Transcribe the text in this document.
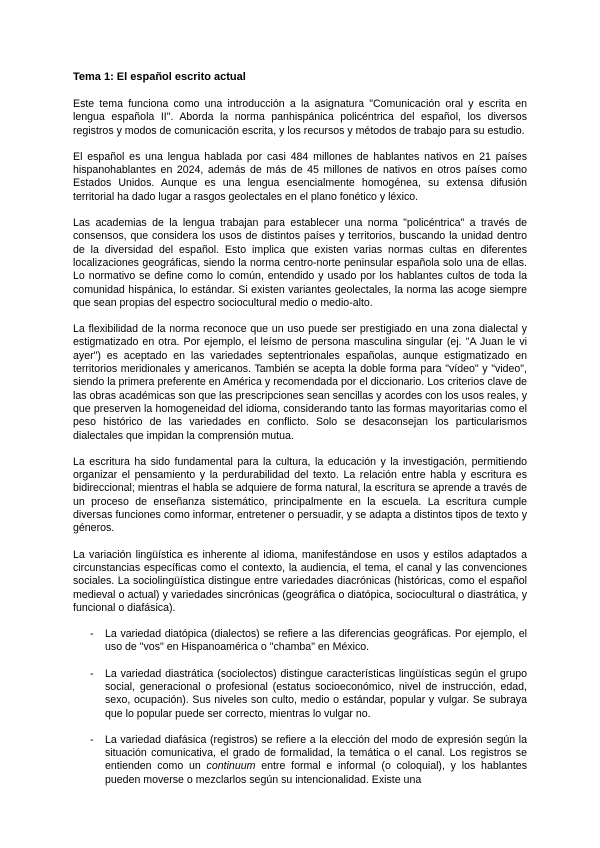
Tema 1: El español escrito actual

Este tema funciona como una introducción a la asignatura "Comunicación oral y escrita en lengua española II". Aborda la norma panhispánica policéntrica del español, los diversos registros y modos de comunicación escrita, y los recursos y métodos de trabajo para su estudio.

El español es una lengua hablada por casi 484 millones de hablantes nativos en 21 países hispanohablantes en 2024, además de más de 45 millones de nativos en otros países como Estados Unidos. Aunque es una lengua esencialmente homogénea, su extensa difusión territorial ha dado lugar a rasgos geolectales en el plano fonético y léxico.

Las academias de la lengua trabajan para establecer una norma "policéntrica" a través de consensos, que considera los usos de distintos países y territorios, buscando la unidad dentro de la diversidad del español. Esto implica que existen varias normas cultas en diferentes localizaciones geográficas, siendo la norma centro-norte peninsular española solo una de ellas. Lo normativo se define como lo común, entendido y usado por los hablantes cultos de toda la comunidad hispánica, lo estándar. Si existen variantes geolectales, la norma las acoge siempre que sean propias del espectro sociocultural medio o medio-alto.

La flexibilidad de la norma reconoce que un uso puede ser prestigiado en una zona dialectal y estigmatizado en otra. Por ejemplo, el leísmo de persona masculina singular (ej. "A Juan le vi ayer") es aceptado en las variedades septentrionales españolas, aunque estigmatizado en territorios meridionales y americanos. También se acepta la doble forma para "vídeo" y "video", siendo la primera preferente en América y recomendada por el diccionario. Los criterios clave de las obras académicas son que las prescripciones sean sencillas y acordes con los usos reales, y que preserven la homogeneidad del idioma, considerando tanto las formas mayoritarias como el peso histórico de las variedades en conflicto. Solo se desaconsejan los particularismos dialectales que impidan la comprensión mutua.

La escritura ha sido fundamental para la cultura, la educación y la investigación, permitiendo organizar el pensamiento y la perdurabilidad del texto. La relación entre habla y escritura es bidireccional; mientras el habla se adquiere de forma natural, la escritura se aprende a través de un proceso de enseñanza sistemático, principalmente en la escuela. La escritura cumple diversas funciones como informar, entretener o persuadir, y se adapta a distintos tipos de texto y géneros.

La variación lingüística es inherente al idioma, manifestándose en usos y estilos adaptados a circunstancias específicas como el contexto, la audiencia, el tema, el canal y las convenciones sociales. La sociolingüística distingue entre variedades diacrónicas (históricas, como el español medieval o actual) y variedades sincrónicas (geográfica o diatópica, sociocultural o diastrática, y funcional o diafásica).

- La variedad diatópica (dialectos) se refiere a las diferencias geográficas. Por ejemplo, el uso de "vos" en Hispanoamérica o "chamba" en México.
- La variedad diastrática (sociolectos) distingue características lingüísticas según el grupo social, generacional o profesional (estatus socioeconómico, nivel de instrucción, edad, sexo, ocupación). Sus niveles son culto, medio o estándar, popular y vulgar. Se subraya que lo popular puede ser correcto, mientras lo vulgar no.
- La variedad diafásica (registros) se refiere a la elección del modo de expresión según la situación comunicativa, el grado de formalidad, la temática o el canal. Los registros se entienden como un continuum entre formal e informal (o coloquial), y los hablantes pueden moverse o mezclarlos según su intencionalidad. Existe una
